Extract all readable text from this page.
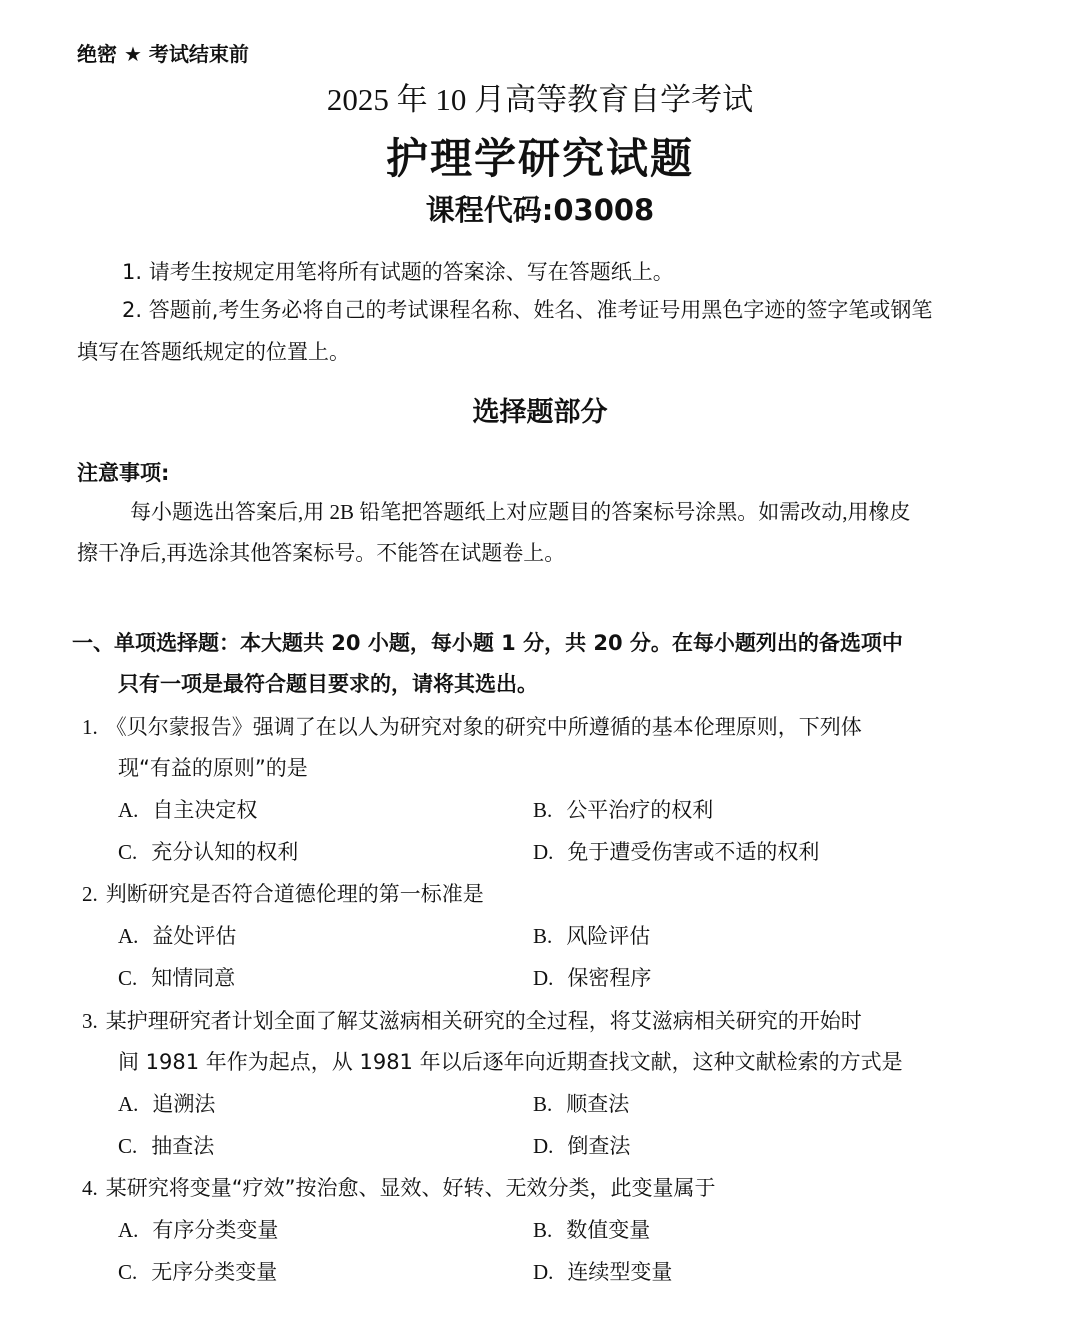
绝密 ★ 考试结束前
2025 年 10 月高等教育自学考试
护理学研究试题
课程代码:03008
1. 请考生按规定用笔将所有试题的答案涂、写在答题纸上。
2. 答题前,考生务必将自己的考试课程名称、姓名、准考证号用黑色字迹的签字笔或钢笔
填写在答题纸规定的位置上。
选择题部分
注意事项:
每小题选出答案后,用 2B 铅笔把答题纸上对应题目的答案标号涂黑。如需改动,用橡皮
擦干净后,再选涂其他答案标号。不能答在试题卷上。
一、单项选择题：本大题共 20 小题，每小题 1 分，共 20 分。在每小题列出的备选项中
只有一项是最符合题目要求的，请将其选出。
1. 《贝尔蒙报告》强调了在以人为研究对象的研究中所遵循的基本伦理原则，下列体
现“有益的原则”的是
A. 自主决定权	B. 公平治疗的权利
C. 充分认知的权利	D. 免于遭受伤害或不适的权利
2. 判断研究是否符合道德伦理的第一标准是
A. 益处评估	B. 风险评估
C. 知情同意	D. 保密程序
3. 某护理研究者计划全面了解艾滋病相关研究的全过程，将艾滋病相关研究的开始时
间 1981 年作为起点，从 1981 年以后逐年向近期查找文献，这种文献检索的方式是
A. 追溯法	B. 顺查法
C. 抽查法	D. 倒查法
4. 某研究将变量“疗效”按治愈、显效、好转、无效分类，此变量属于
A. 有序分类变量	B. 数值变量
C. 无序分类变量	D. 连续型变量
